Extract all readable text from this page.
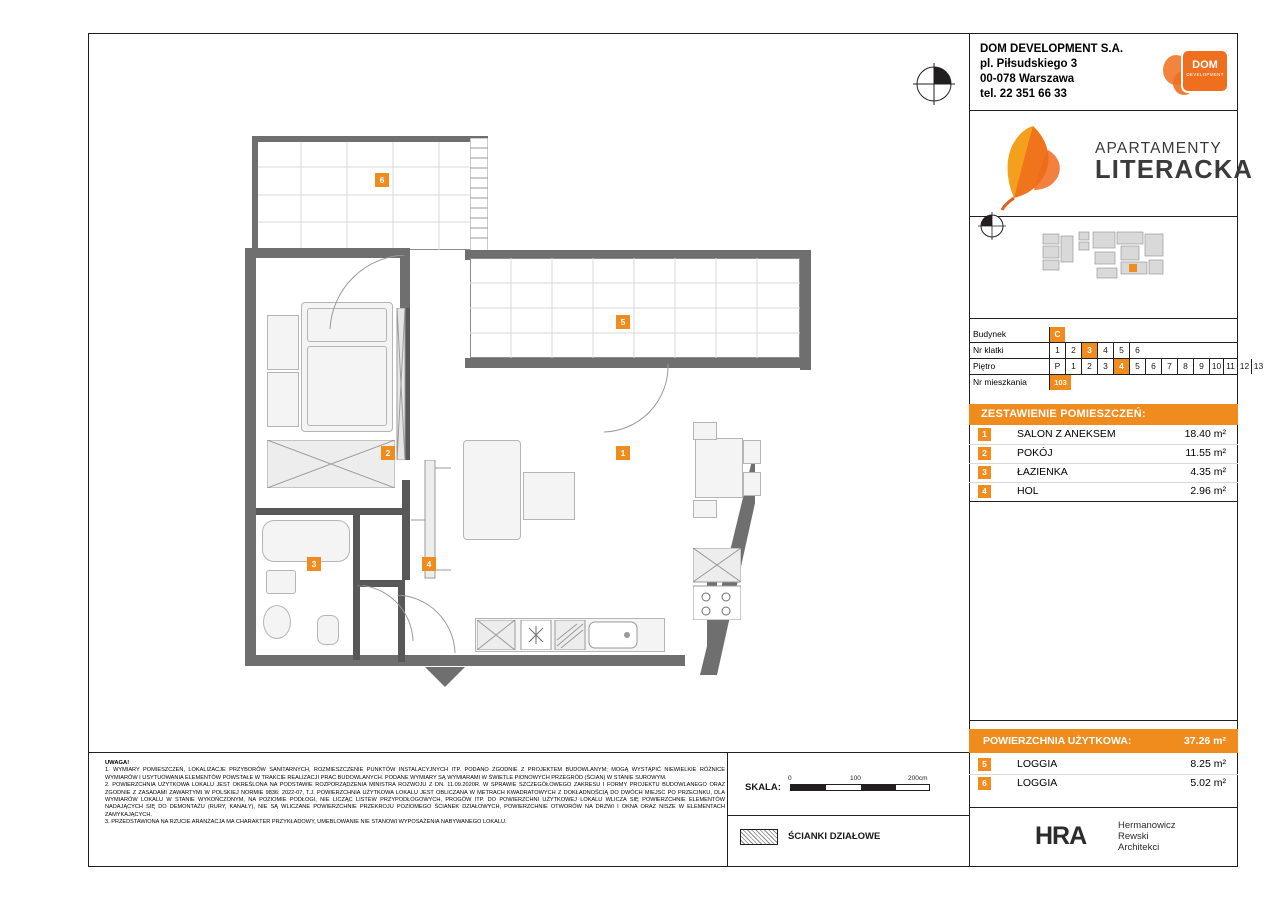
DOM DEVELOPMENT S.A.
pl. Piłsudskiego 3
00-078 Warszawa
tel. 22 351 66 33
DOM
DEVELOPMENT
APARTAMENTY
LITERACKA
Budynek	C
Nr klatki	1	2	3	4	5	6
Piętro	P	1	2	3	4	5	6	7	8	9 10 11 12 13
Nr mieszkania	103
ZESTAWIENIE POMIESZCZEŃ:
1	SALON Z ANEKSEM	18.40 m²
2	POKÓJ	11.55 m²
3	ŁAZIENKA	4.35 m²
4	HOL	2.96 m²
POWIERZCHNIA UŻYTKOWA:	37.26 m²
5	LOGGIA	8.25 m²
6	LOGGIA	5.02 m²
UWAGA!
1. WYMIARY POMIESZCZEŃ, LOKALIZACJE PRZYBORÓW SANITARNYCH, ROZMIESZCZENIE PUNKTÓW INSTALACYJNYCH ITP. PODANO ZGODNIE Z PROJEKTEM BUDOWLANYM; MOGĄ WYSTĄPIĆ NIEWIELKIE RÓŻNICE WYMIARÓW I USYTUOWANIA ELEMENTÓW POWSTAŁE W TRAKCIE REALIZACJI PRAC BUDOWLANYCH. PODANE WYMIARY SĄ WYMIARAMI W ŚWIETLE PIONOWYCH PRZEGRÓD (ŚCIAN) W STANIE SUROWYM.
2. POWIERZCHNIA UŻYTKOWA LOKALU JEST OKREŚLONA NA PODSTAWIE ROZPORZĄDZENIA MINISTRA ROZWOJU Z DN. 11.09.2020R. W SPRAWIE SZCZEGÓŁOWEGO ZAKRESU I FORMY PROJEKTU BUDOWLANEGO ORAZ ZGODNIE Z ZASADAMI ZAWARTYMI W POLSKIEJ NORMIE 9836: 2022-07, T.J. POWIERZCHNIA UŻYTKOWA LOKALU JEST OBLICZANA W METRACH KWADRATOWYCH Z DOKŁADNOŚCIĄ DO DWÓCH MIEJSC PO PRZECINKU, DLA WYMIARÓW LOKALU W STANIE WYKOŃCZONYM, NA POZIOMIE PODŁOGI, NIE LICZĄC LISTEW PRZYPODŁOGOWYCH, PROGÓW ITP. DO POWIERZCHNI UŻYTKOWEJ LOKALU WLICZA SIĘ POWIERZCHNIE ELEMENTÓW NADAJĄCYCH SIĘ DO DEMONTAŻU (RURY, KANAŁY), NIE SĄ WLICZANE POWIERZCHNIE PRZEKROJU POZIOMEGO ŚCIANEK DZIAŁOWYCH, POWIERZCHNIE OTWORÓW NA DRZWI I OKNA ORAZ NISZE W ELEMENTACH ZAMYKAJĄCYCH.
3. PRZEDSTAWIONA NA RZUCIE ARANŻACJA MA CHARAKTER PRZYKŁADOWY, UMEBLOWANIE NIE STANOWI WYPOSAŻENIA NABYWANEGO LOKALU.
SKALA:
0	100	200cm
ŚCIANKI DZIAŁOWE	HRA	Hermanowicz
Rewski
Architekci
1
2
3	4
5
6
